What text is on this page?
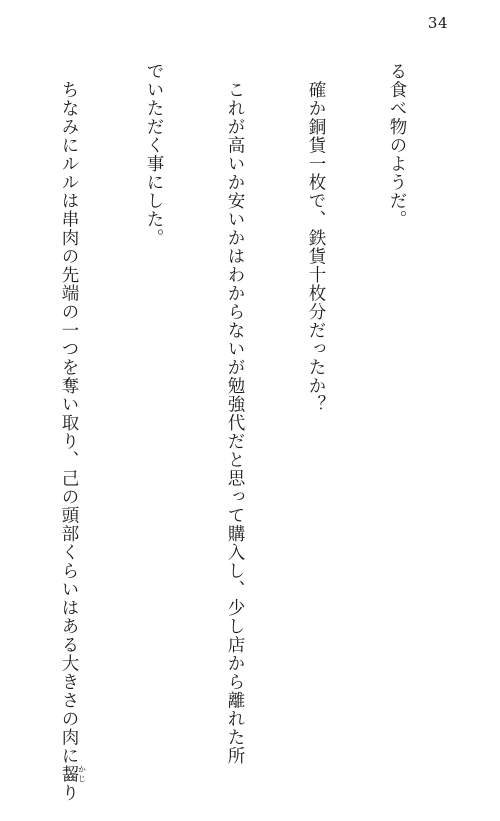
34

る食べ物のようだ。

　確か銅貨一枚で、鉄貨十枚分だったか？

　これが高いか安いかはわからないが勉強代だと思って購入し、少し店から離れた所

でいただく事にした。

　ちなみにルルは串肉の先端の一つを奪い取り、己の頭部くらいはある大きさの肉に齧かじり
